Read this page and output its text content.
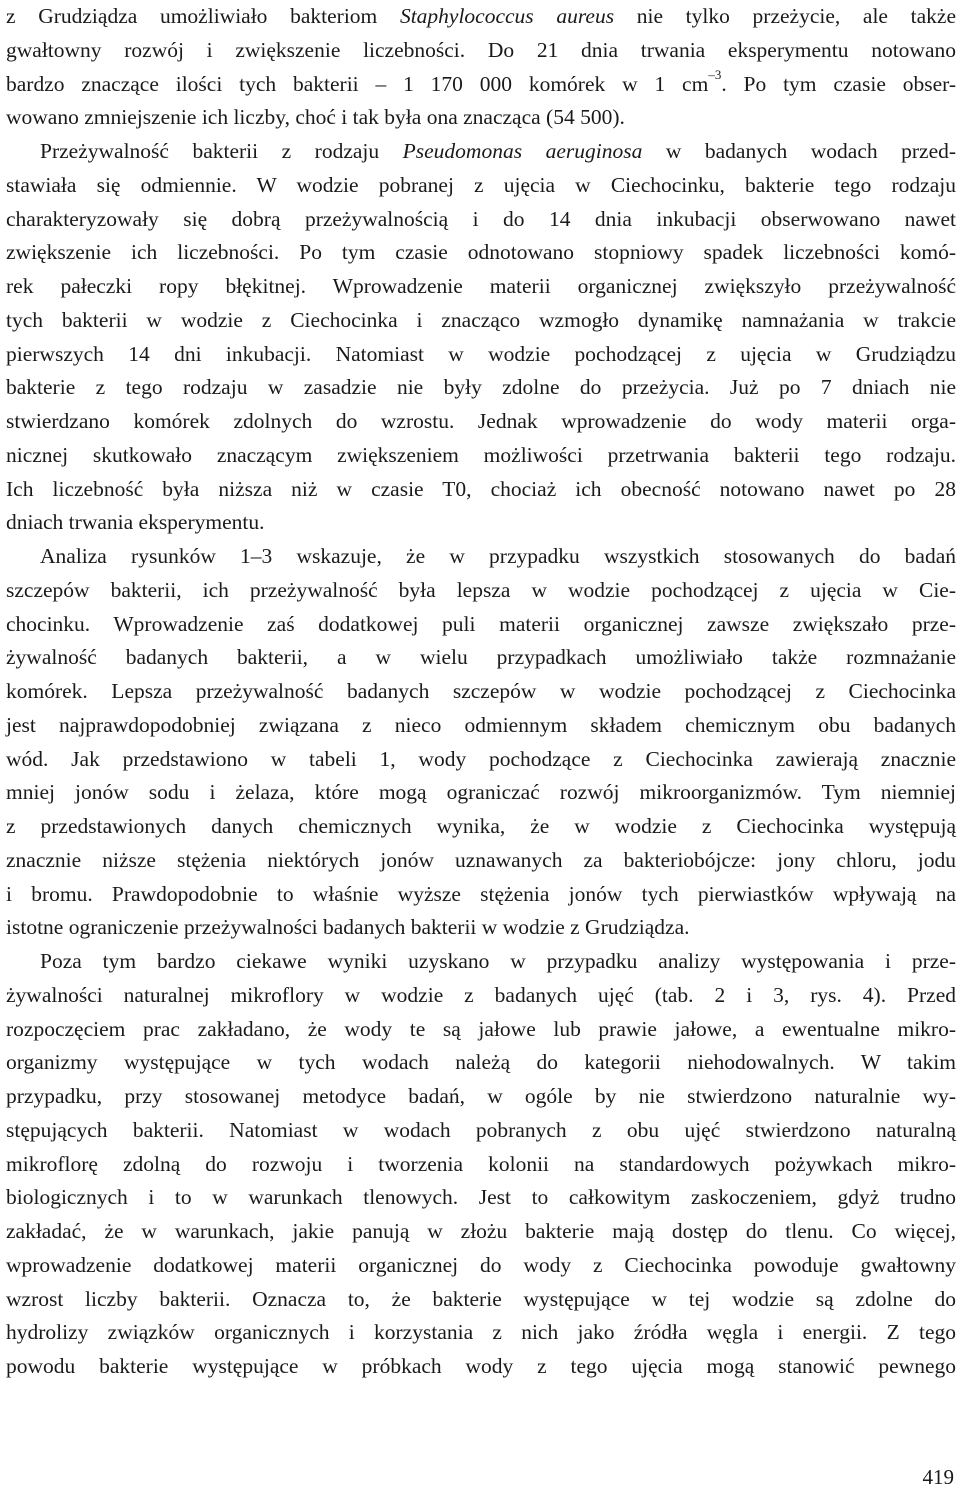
z Grudziądza umożliwiało bakteriom Staphylococcus aureus nie tylko przeżycie, ale także
gwałtowny rozwój i zwiększenie liczebności. Do 21 dnia trwania eksperymentu notowano
bardzo znaczące ilości tych bakterii – 1 170 000 komórek w 1 $cm^{-3}$. Po tym czasie obser-
wowano zmniejszenie ich liczby, choć i tak była ona znacząca (54 500).
Przeżywalność bakterii z rodzaju Pseudomonas aeruginosa w badanych wodach przed-
stawiała się odmiennie. W wodzie pobranej z ujęcia w Ciechocinku, bakterie tego rodzaju
charakteryzowały się dobrą przeżywalnością i do 14 dnia inkubacji obserwowano nawet
zwiększenie ich liczebności. Po tym czasie odnotowano stopniowy spadek liczebności komó-
rek pałeczki ropy błękitnej. Wprowadzenie materii organicznej zwiększyło przeżywalność
tych bakterii w wodzie z Ciechocinka i znacząco wzmogło dynamikę namnażania w trakcie
pierwszych 14 dni inkubacji. Natomiast w wodzie pochodzącej z ujęcia w Grudziądzu
bakterie z tego rodzaju w zasadzie nie były zdolne do przeżycia. Już po 7 dniach nie
stwierdzano komórek zdolnych do wzrostu. Jednak wprowadzenie do wody materii orga-
nicznej skutkowało znaczącym zwiększeniem możliwości przetrwania bakterii tego rodzaju.
Ich liczebność była niższa niż w czasie T0, chociaż ich obecność notowano nawet po 28
dniach trwania eksperymentu.
Analiza rysunków 1–3 wskazuje, że w przypadku wszystkich stosowanych do badań
szczepów bakterii, ich przeżywalność była lepsza w wodzie pochodzącej z ujęcia w Cie-
chocinku. Wprowadzenie zaś dodatkowej puli materii organicznej zawsze zwiększało prze-
żywalność badanych bakterii, a w wielu przypadkach umożliwiało także rozmnażanie
komórek. Lepsza przeżywalność badanych szczepów w wodzie pochodzącej z Ciechocinka
jest najprawdopodobniej związana z nieco odmiennym składem chemicznym obu badanych
wód. Jak przedstawiono w tabeli 1, wody pochodzące z Ciechocinka zawierają znacznie
mniej jonów sodu i żelaza, które mogą ograniczać rozwój mikroorganizmów. Tym niemniej
z przedstawionych danych chemicznych wynika, że w wodzie z Ciechocinka występują
znacznie niższe stężenia niektórych jonów uznawanych za bakteriobójcze: jony chloru, jodu
i bromu. Prawdopodobnie to właśnie wyższe stężenia jonów tych pierwiastków wpływają na
istotne ograniczenie przeżywalności badanych bakterii w wodzie z Grudziądza.
Poza tym bardzo ciekawe wyniki uzyskano w przypadku analizy występowania i prze-
żywalności naturalnej mikroflory w wodzie z badanych ujęć (tab. 2 i 3, rys. 4). Przed
rozpoczęciem prac zakładano, że wody te są jałowe lub prawie jałowe, a ewentualne mikro-
organizmy występujące w tych wodach należą do kategorii niehodowalnych. W takim
przypadku, przy stosowanej metodyce badań, w ogóle by nie stwierdzono naturalnie wy-
stępujących bakterii. Natomiast w wodach pobranych z obu ujęć stwierdzono naturalną
mikroflorę zdolną do rozwoju i tworzenia kolonii na standardowych pożywkach mikro-
biologicznych i to w warunkach tlenowych. Jest to całkowitym zaskoczeniem, gdyż trudno
zakładać, że w warunkach, jakie panują w złożu bakterie mają dostęp do tlenu. Co więcej,
wprowadzenie dodatkowej materii organicznej do wody z Ciechocinka powoduje gwałtowny
wzrost liczby bakterii. Oznacza to, że bakterie występujące w tej wodzie są zdolne do
hydrolizy związków organicznych i korzystania z nich jako źródła węgla i energii. Z tego
powodu bakterie występujące w próbkach wody z tego ujęcia mogą stanowić pewnego
419
